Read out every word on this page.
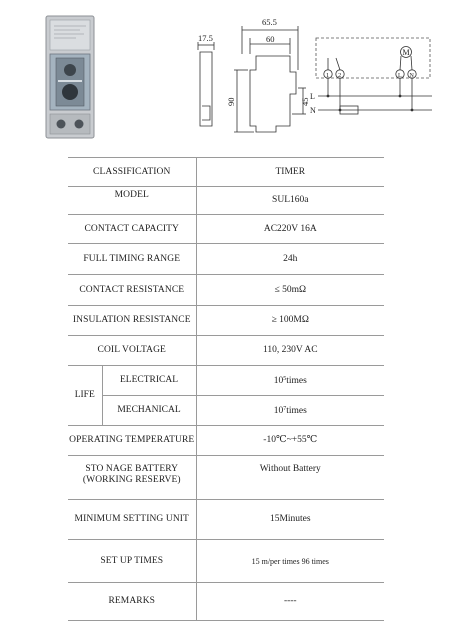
17.5
65.5
60
90	45
1 2	L N
M
L
N
CLASSIFICATION		TIMER
MODEL		SUL160a
CONTACT CAPACITY		AC220V 16A
FULL TIMING RANGE		24h
CONTACT RESISTANCE		≤ 50mΩ
INSULATION RESISTANCE		≥ 100MΩ
COIL VOLTAGE		110, 230V AC
LIFE	ELECTRICAL	$10^5times$
	MECHANICAL	$10^7times$
OPERATING TEMPERATURE		-10℃~+55℃

STO NAGE BATTERY
(WORKING RESERVE)		Without Battery
MINIMUM SETTING UNIT		15Minutes
SET UP TIMES		15 m/per times 96 times
REMARKS		----
